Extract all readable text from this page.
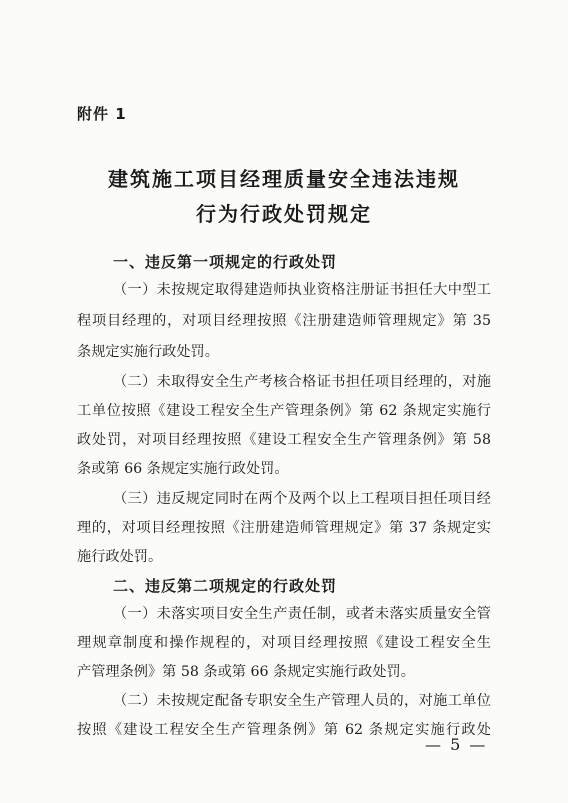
附件 1
建筑施工项目经理质量安全违法违规
行为行政处罚规定
一、违反第一项规定的行政处罚
（一）未按规定取得建造师执业资格注册证书担任大中型工
程项目经理的，对项目经理按照《注册建造师管理规定》第 35
条规定实施行政处罚。
（二）未取得安全生产考核合格证书担任项目经理的，对施
工单位按照《建设工程安全生产管理条例》第 62 条规定实施行
政处罚，对项目经理按照《建设工程安全生产管理条例》第 58
条或第 66 条规定实施行政处罚。
（三）违反规定同时在两个及两个以上工程项目担任项目经
理的，对项目经理按照《注册建造师管理规定》第 37 条规定实
施行政处罚。
二、违反第二项规定的行政处罚
（一）未落实项目安全生产责任制，或者未落实质量安全管
理规章制度和操作规程的，对项目经理按照《建设工程安全生
产管理条例》第 58 条或第 66 条规定实施行政处罚。
（二）未按规定配备专职安全生产管理人员的，对施工单位
按照《建设工程安全生产管理条例》第 62 条规定实施行政处
— 5 —
